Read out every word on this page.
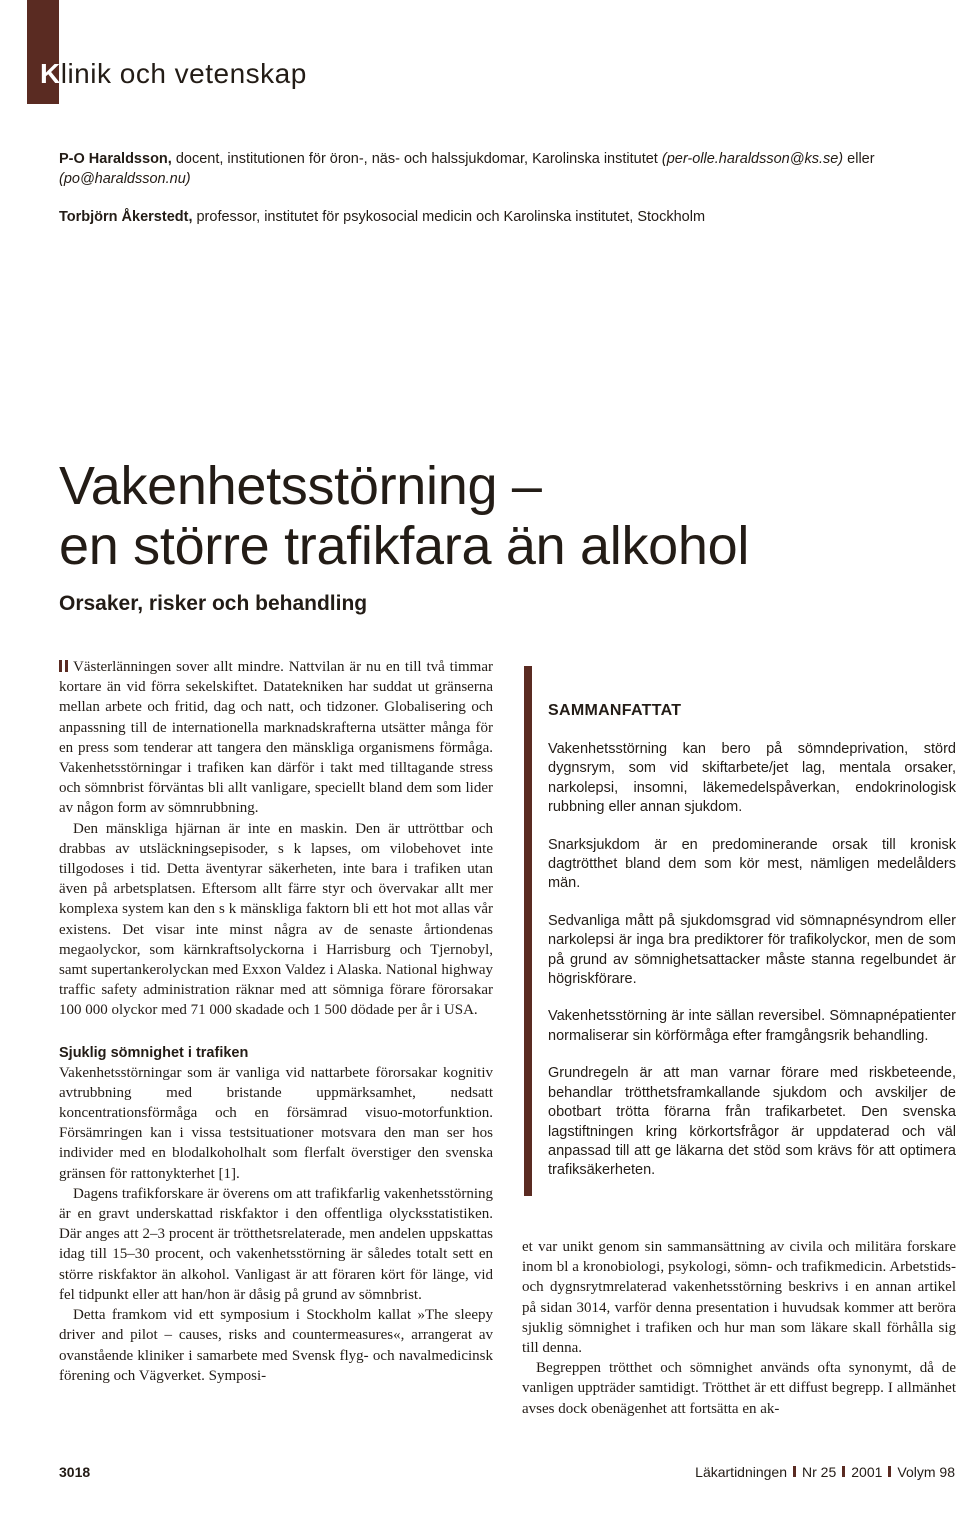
Klinik och vetenskap

P-O Haraldsson, docent, institutionen för öron-, näs- och halssjukdomar, Karolinska institutet (per-olle.haraldsson@ks.se) eller (po@haraldsson.nu)

Torbjörn Åkerstedt, professor, institutet för psykosocial medicin och Karolinska institutet, Stockholm

Vakenhetsstörning –
en större trafikfara än alkohol
Orsaker, risker och behandling

Västerlänningen sover allt mindre. Nattvilan är nu en till två timmar kortare än vid förra sekelskiftet. Datatekniken har suddat ut gränserna mellan arbete och fritid, dag och natt, och tidzoner. Globalisering och anpassning till de internationella marknadskrafterna utsätter många för en press som tenderar att tangera den mänskliga organismens förmåga. Vakenhetsstörningar i trafiken kan därför i takt med tilltagande stress och sömnbrist förväntas bli allt vanligare, speciellt bland dem som lider av någon form av sömnrubbning.

Den mänskliga hjärnan är inte en maskin. Den är uttröttbar och drabbas av utsläckningsepisoder, s k lapses, om vilobehovet inte tillgodoses i tid. Detta äventyrar säkerheten, inte bara i trafiken utan även på arbetsplatsen. Eftersom allt färre styr och övervakar allt mer komplexa system kan den s k mänskliga faktorn bli ett hot mot allas vår existens. Det visar inte minst några av de senaste årtiondenas megaolyckor, som kärnkraftsolyckorna i Harrisburg och Tjernobyl, samt supertankerolyckan med Exxon Valdez i Alaska. National highway traffic safety administration räknar med att sömniga förare förorsakar 100 000 olyckor med 71 000 skadade och 1 500 dödade per år i USA.

Sjuklig sömnighet i trafiken

Vakenhetsstörningar som är vanliga vid nattarbete förorsakar kognitiv avtrubbning med bristande uppmärksamhet, nedsatt koncentrationsförmåga och en försämrad visuo-motorfunktion. Försämringen kan i vissa testsituationer motsvara den man ser hos individer med en blodalkoholhalt som flerfalt överstiger den svenska gränsen för rattonykterhet [1].

Dagens trafikforskare är överens om att trafikfarlig vakenhetsstörning är en gravt underskattad riskfaktor i den offentliga olycksstatistiken. Där anges att 2–3 procent är trötthetsrelaterade, men andelen uppskattas idag till 15–30 procent, och vakenhetsstörning är således totalt sett en större riskfaktor än alkohol. Vanligast är att föraren kört för länge, vid fel tidpunkt eller att han/hon är dåsig på grund av sömnbrist.

Detta framkom vid ett symposium i Stockholm kallat »The sleepy driver and pilot – causes, risks and countermeasures«, arrangerat av ovanstående kliniker i samarbete med Svensk flyg- och navalmedicinsk förening och Vägverket. Symposi-

SAMMANFATTAT

Vakenhetsstörning kan bero på sömndeprivation, störd dygnsrym, som vid skiftarbete/jet lag, mentala orsaker, narkolepsi, insomni, läkemedelspåverkan, endokrinologisk rubbning eller annan sjukdom.

Snarksjukdom är en predominerande orsak till kronisk dagtrötthet bland dem som kör mest, nämligen medelålders män.

Sedvanliga mått på sjukdomsgrad vid sömnapnésyndrom eller narkolepsi är inga bra prediktorer för trafikolyckor, men de som på grund av sömnighetsattacker måste stanna regelbundet är högriskförare.

Vakenhetsstörning är inte sällan reversibel. Sömnapnépatienter normaliserar sin körförmåga efter framgångsrik behandling.

Grundregeln är att man varnar förare med riskbeteende, behandlar trötthetsframkallande sjukdom och avskiljer de obotbart trötta förarna från trafikarbetet. Den svenska lagstiftningen kring körkortsfrågor är uppdaterad och väl anpassad till att ge läkarna det stöd som krävs för att optimera trafiksäkerheten.

et var unikt genom sin sammansättning av civila och militära forskare inom bl a kronobiologi, psykologi, sömn- och trafikmedicin. Arbetstids- och dygnsrytmrelaterad vakenhetsstörning beskrivs i en annan artikel på sidan 3014, varför denna presentation i huvudsak kommer att beröra sjuklig sömnighet i trafiken och hur man som läkare skall förhålla sig till denna.

Begreppen trötthet och sömnighet används ofta synonymt, då de vanligen uppträder samtidigt. Trötthet är ett diffust begrepp. I allmänhet avses dock obenägenhet att fortsätta en ak-

3018	Läkartidningen Nr 25 2001 Volym 98
